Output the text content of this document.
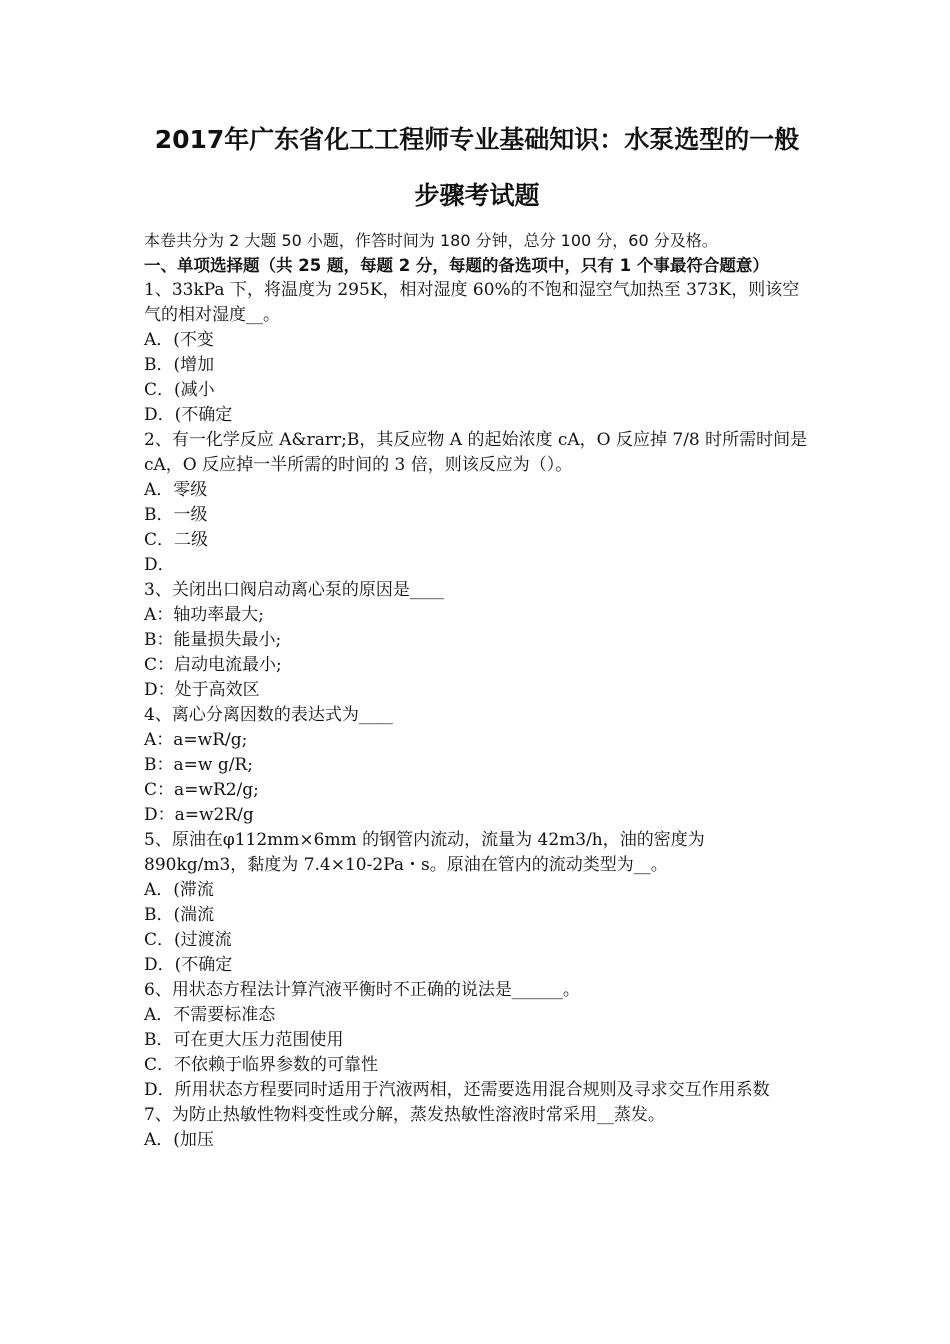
2017年广东省化工工程师专业基础知识：水泵选型的一般
步骤考试题
本卷共分为 2 大题 50 小题，作答时间为 180 分钟，总分 100 分，60 分及格。
一、单项选择题（共 25 题，每题 2 分，每题的备选项中，只有 1 个事最符合题意）
1、33kPa 下，将温度为 295K，相对湿度 60%的不饱和湿空气加热至 373K，则该空气的相对湿度__。
A．(不变
B．(增加
C．(减小
D．(不确定
2、有一化学反应 A&rarr;B，其反应物 A 的起始浓度 cA，O 反应掉 7/8 时所需时间是 cA，O 反应掉一半所需的时间的 3 倍，则该反应为（）。
A．零级
B．一级
C．二级
D．
3、关闭出口阀启动离心泵的原因是____
A：轴功率最大;
B：能量损失最小;
C：启动电流最小;
D：处于高效区
4、离心分离因数的表达式为____
A：a=wR/g;
B：a=w g/R;
C：a=wR2/g;
D：a=w2R/g
5、原油在φ112mm×6mm 的钢管内流动，流量为 42m3/h，油的密度为 890kg/m3，黏度为 7.4×10-2Pa・s。原油在管内的流动类型为__。
A．(滞流
B．(湍流
C．(过渡流
D．(不确定
6、用状态方程法计算汽液平衡时不正确的说法是______。
A．不需要标准态
B．可在更大压力范围使用
C．不依赖于临界参数的可靠性
D．所用状态方程要同时适用于汽液两相，还需要选用混合规则及寻求交互作用系数
7、为防止热敏性物料变性或分解，蒸发热敏性溶液时常采用__蒸发。
A．(加压
